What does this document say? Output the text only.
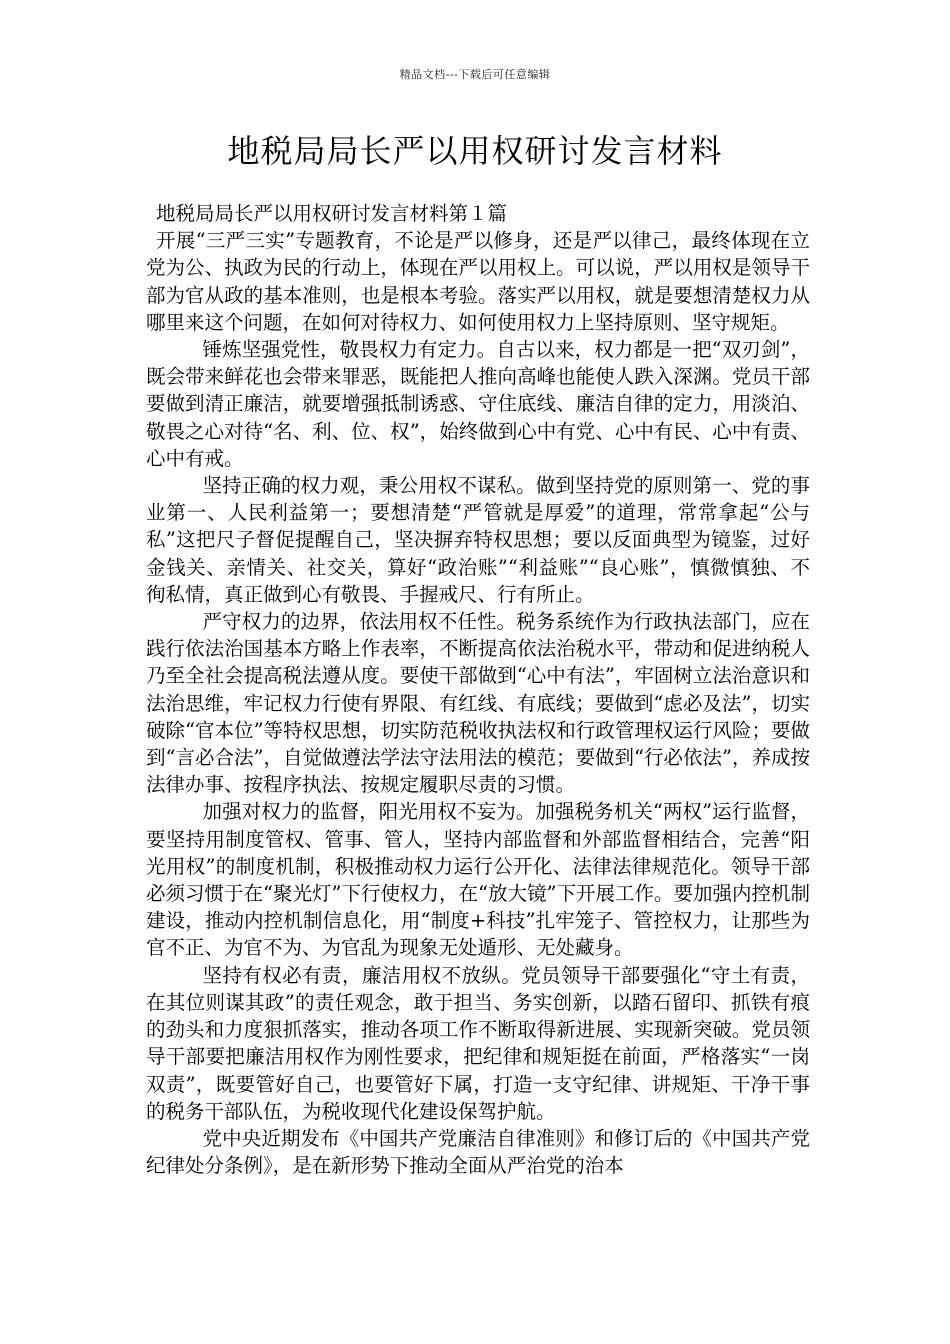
精品文档---下载后可任意编辑
地税局局长严以用权研讨发言材料

地税局局长严以用权研讨发言材料第１篇

开展“三严三实”专题教育，不论是严以修身，还是严以律己，最终体现在立党为公、执政为民的行动上，体现在严以用权上。可以说，严以用权是领导干部为官从政的基本准则，也是根本考验。落实严以用权，就是要想清楚权力从哪里来这个问题，在如何对待权力、如何使用权力上坚持原则、坚守规矩。

锤炼坚强党性，敬畏权力有定力。自古以来，权力都是一把“双刃剑”，既会带来鲜花也会带来罪恶，既能把人推向高峰也能使人跌入深渊。党员干部要做到清正廉洁，就要增强抵制诱惑、守住底线、廉洁自律的定力，用淡泊、敬畏之心对待“名、利、位、权”，始终做到心中有党、心中有民、心中有责、心中有戒。

坚持正确的权力观，秉公用权不谋私。做到坚持党的原则第一、党的事业第一、人民利益第一；要想清楚“严管就是厚爱”的道理，常常拿起“公与私”这把尺子督促提醒自己，坚决摒弃特权思想；要以反面典型为镜鉴，过好金钱关、亲情关、社交关，算好“政治账”“利益账”“良心账”，慎微慎独、不徇私情，真正做到心有敬畏、手握戒尺、行有所止。

严守权力的边界，依法用权不任性。税务系统作为行政执法部门，应在践行依法治国基本方略上作表率，不断提高依法治税水平，带动和促进纳税人乃至全社会提高税法遵从度。要使干部做到“心中有法”，牢固树立法治意识和法治思维，牢记权力行使有界限、有红线、有底线；要做到“虑必及法”，切实破除“官本位”等特权思想，切实防范税收执法权和行政管理权运行风险；要做到“言必合法”，自觉做遵法学法守法用法的模范；要做到“行必依法”，养成按法律办事、按程序执法、按规定履职尽责的习惯。

加强对权力的监督，阳光用权不妄为。加强税务机关“两权”运行监督，要坚持用制度管权、管事、管人，坚持内部监督和外部监督相结合，完善“阳光用权”的制度机制，积极推动权力运行公开化、法律法律规范化。领导干部必须习惯于在“聚光灯”下行使权力，在“放大镜”下开展工作。要加强内控机制建设，推动内控机制信息化，用“制度+科技”扎牢笼子、管控权力，让那些为官不正、为官不为、为官乱为现象无处遁形、无处藏身。

坚持有权必有责，廉洁用权不放纵。党员领导干部要强化“守土有责，在其位则谋其政”的责任观念，敢于担当、务实创新，以踏石留印、抓铁有痕的劲头和力度狠抓落实，推动各项工作不断取得新进展、实现新突破。党员领导干部要把廉洁用权作为刚性要求，把纪律和规矩挺在前面，严格落实“一岗双责”，既要管好自己，也要管好下属，打造一支守纪律、讲规矩、干净干事的税务干部队伍，为税收现代化建设保驾护航。

党中央近期发布《中国共产党廉洁自律准则》和修订后的《中国共产党纪律处分条例》，是在新形势下推动全面从严治党的治本
